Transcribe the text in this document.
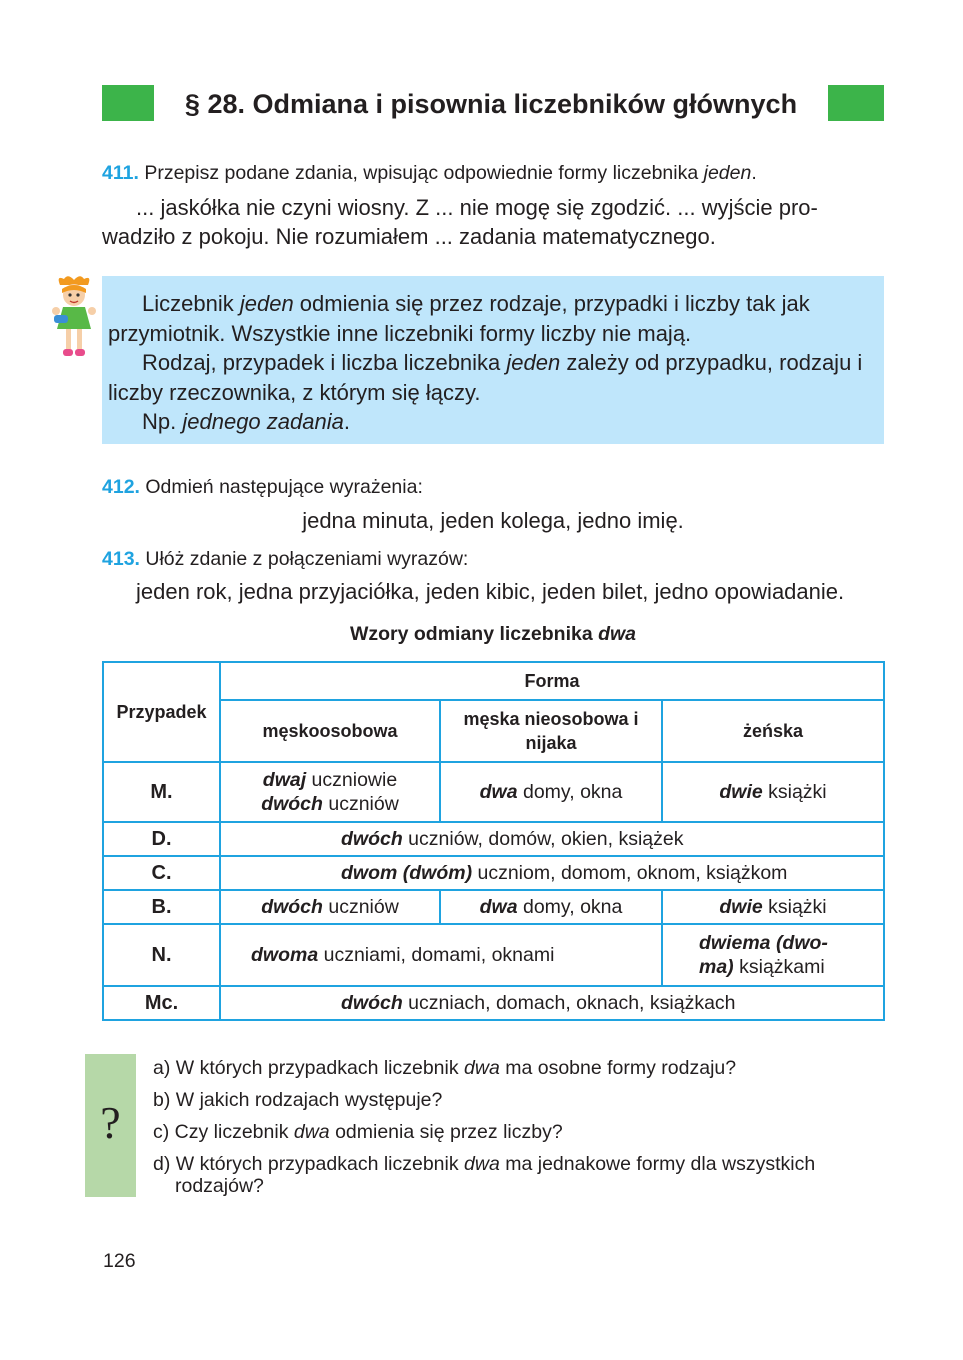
§ 28. Odmiana i pisownia liczebników głównych
411. Przepisz podane zdania, wpisując odpowiednie formy liczebnika jeden.
... jaskółka nie czyni wiosny. Z ... nie mogę się zgodzić. ... wyjście pro-
wadziło z pokoju. Nie rozumiałem ... zadania matematycznego.

Liczebnik jeden odmienia się przez rodzaje, przypadki i liczby tak jak przymiotnik. Wszystkie inne liczebniki formy liczby nie mają.

Rodzaj, przypadek i liczba liczebnika jeden zależy od przypadku, rodzaju i liczby rzeczownika, z którym się łączy.

Np. jednego zadania.

412. Odmień następujące wyrażenia:
jedna minuta, jeden kolega, jedno imię.
413. Ułóż zdanie z połączeniami wyrazów:
jeden rok, jedna przyjaciółka, jeden kibic, jeden bilet, jedno opowiadanie.
Wzory odmiany liczebnika dwa
Przypadek	Forma		
	męskoosobowa	męska nieosobowa i nijaka	żeńska
M.	dwaj uczniowie
dwóch uczniów	dwa domy, okna	dwie książki
D.	dwóch uczniów, domów, okien, książek		
C.	dwom (dwóm) uczniom, domom, oknom, książkom		
B.	dwóch uczniów	dwa domy, okna	dwie książki
N.	dwoma uczniami, domami, oknami		dwiema (dwo-
ma) książkami

Mc.	dwóch uczniach, domach, oknach, książkach		
?
a) W których przypadkach liczebnik dwa ma osobne formy rodzaju?
b) W jakich rodzajach występuje?
c) Czy liczebnik dwa odmienia się przez liczby?
d) W których przypadkach liczebnik dwa ma jednakowe formy dla wszystkich
rodzajów?
126
